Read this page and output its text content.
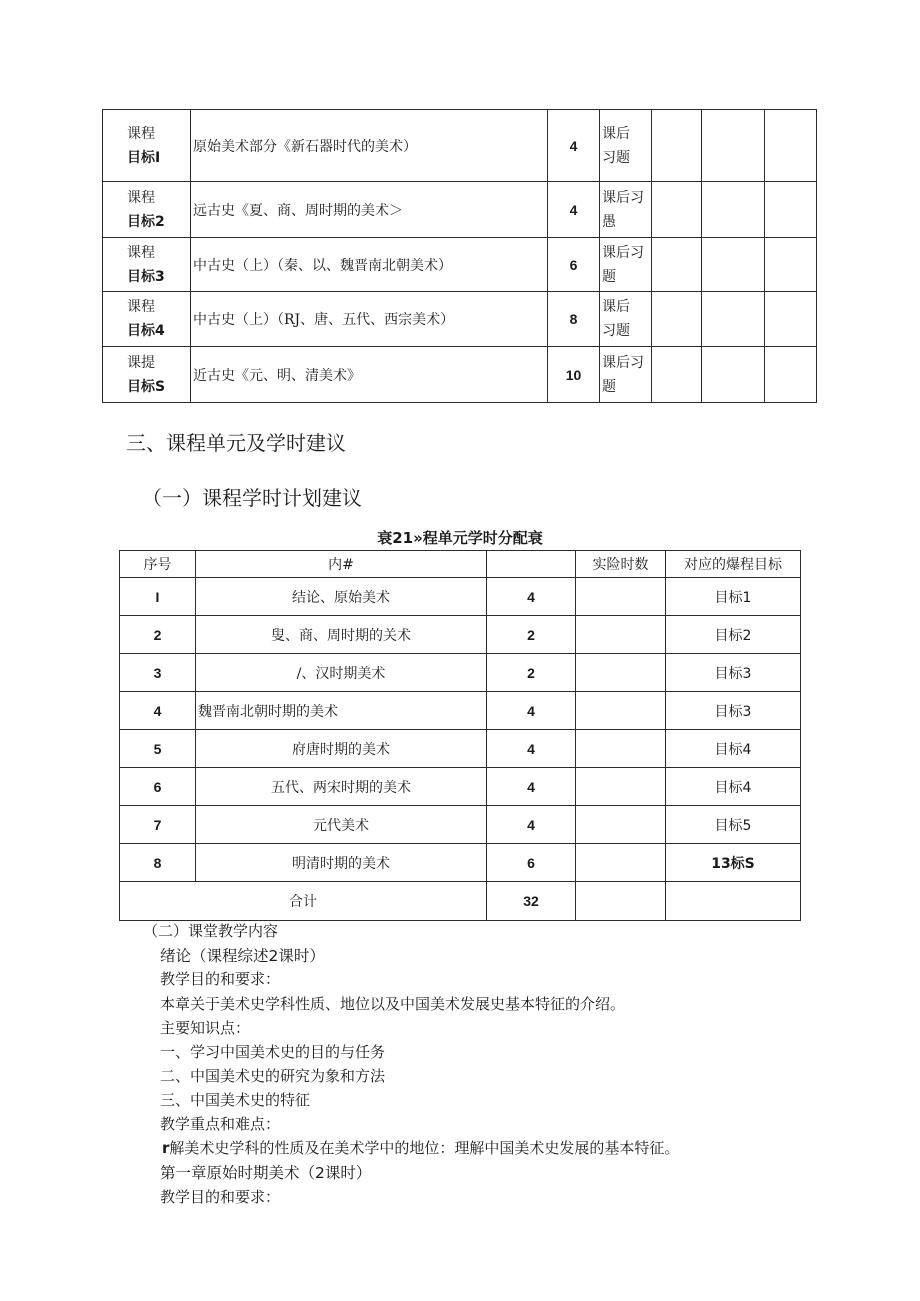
课程
目标I	原始美术部分《新石器时代的美术）	4	课后
习题			
课程
目标2	远古史《夏、商、周时期的美术＞	4	课后习
愚			
课程
目标3	中古史（上）（秦、以、魏晋南北朝美术）	6	课后习
题			
课程
目标4	中古史（上）（RJ、唐、五代、西宗美术）	8	课后
习题			
课提
目标S	近古史《元、明、清美术》	10	课后习
题			
三、课程单元及学时建议
（一）课程学时计划建议
衰21»程单元学时分配衰
序号	内#		实险时数	对应的爆程目标
I	结论、原始美术	4		目标1
2	叟、商、周时期的关术	2		目标2
3	/、汉时期美术	2		目标3
4	魏晋南北朝时期的美术	4		目标3
5	府唐时期的美术	4		目标4
6	五代、两宋时期的美术	4		目标4
7	元代美术	4		目标5
8	明清时期的美术	6		13标S
合计		32		
（二）课堂教学内容
绪论（课程综述2课时）
教学目的和要求：
本章关于美术史学科性质、地位以及中国美术发展史基本特征的介绍。
主要知识点：
一、学习中国美术史的目的与任务
二、中国美术史的研究为象和方法
三、中国美术史的特征
教学重点和难点：
r解美术史学科的性质及在美术学中的地位：理解中国美术史发展的基本特征。
第一章原始时期美术（2课时）
教学目的和要求：
